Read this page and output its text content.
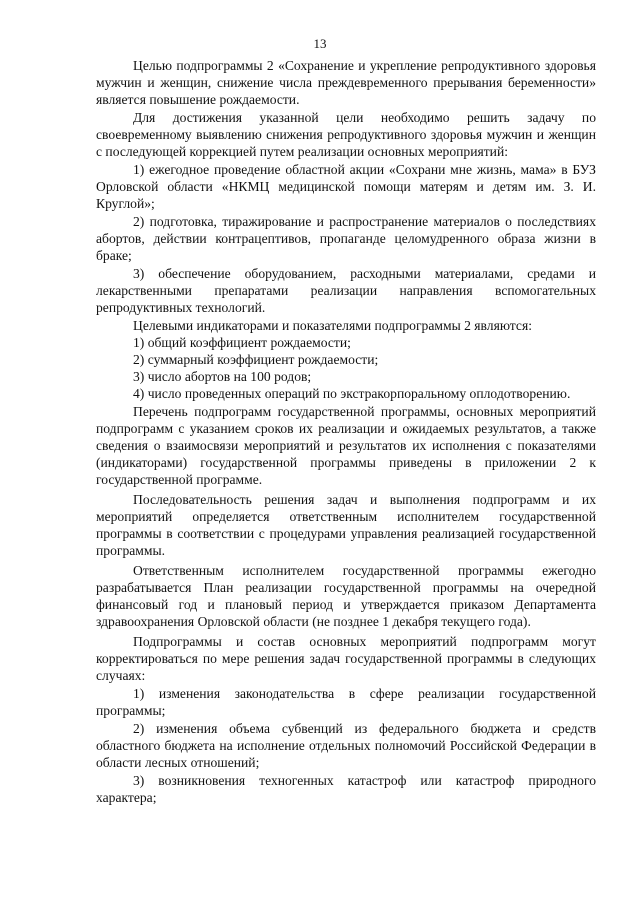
13

Целью подпрограммы 2 «Сохранение и укрепление репродуктивного здоровья мужчин и женщин, снижение числа преждевременного прерывания беременности» является повышение рождаемости.

Для достижения указанной цели необходимо решить задачу по своевременному выявлению снижения репродуктивного здоровья мужчин и женщин с последующей коррекцией путем реализации основных мероприятий:

1) ежегодное проведение областной акции «Сохрани мне жизнь, мама» в БУЗ Орловской области «НКМЦ медицинской помощи матерям и детям им. З. И. Круглой»;

2) подготовка, тиражирование и распространение материалов о последствиях абортов, действии контрацептивов, пропаганде целомудренного образа жизни в браке;

3) обеспечение оборудованием, расходными материалами, средами и лекарственными препаратами реализации направления вспомогательных репродуктивных технологий.

Целевыми индикаторами и показателями подпрограммы 2 являются:

1) общий коэффициент рождаемости;

2) суммарный коэффициент рождаемости;

3) число абортов на 100 родов;

4) число проведенных операций по экстракорпоральному оплодотворению.

Перечень подпрограмм государственной программы, основных мероприятий подпрограмм с указанием сроков их реализации и ожидаемых результатов, а также сведения о взаимосвязи мероприятий и результатов их исполнения с показателями (индикаторами) государственной программы приведены в приложении 2 к государственной программе.

Последовательность решения задач и выполнения подпрограмм и их мероприятий определяется ответственным исполнителем государственной программы в соответствии с процедурами управления реализацией государственной программы.

Ответственным исполнителем государственной программы ежегодно разрабатывается План реализации государственной программы на очередной финансовый год и плановый период и утверждается приказом Департамента здравоохранения Орловской области (не позднее 1 декабря текущего года).

Подпрограммы и состав основных мероприятий подпрограмм могут корректироваться по мере решения задач государственной программы в следующих случаях:

1) изменения законодательства в сфере реализации государственной программы;

2) изменения объема субвенций из федерального бюджета и средств областного бюджета на исполнение отдельных полномочий Российской Федерации в области лесных отношений;

3) возникновения техногенных катастроф или катастроф природного характера;
